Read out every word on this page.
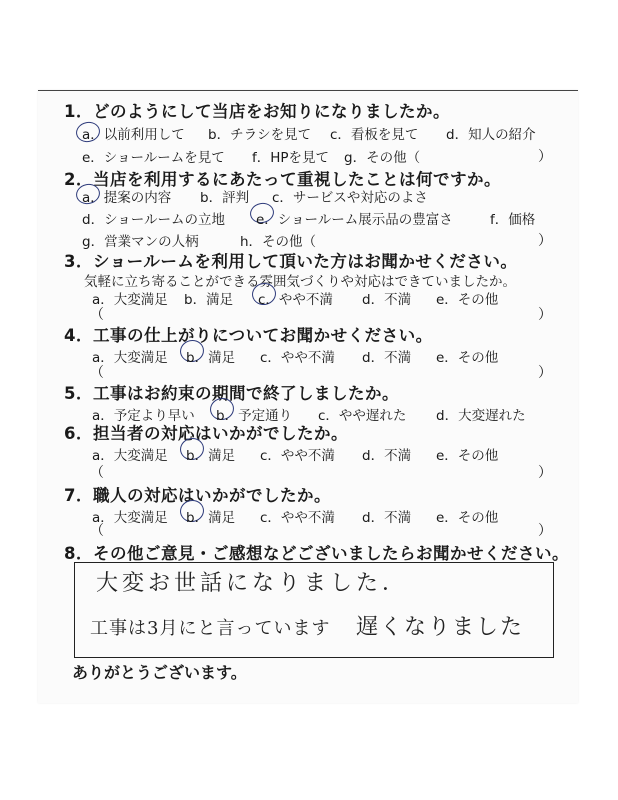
1．どのようにして当店をお知りになりましたか。
a．以前利用して b．チラシを見て c．看板を見て d．知人の紹介
e．ショールームを見て f．HPを見て g．その他（	）
2．当店を利用するにあたって重視したことは何ですか。
a．提案の内容 b．評判 c．サービスや対応のよさ
d．ショールームの立地 e．ショールーム展示品の豊富さ	f．価格
g．営業マンの人柄	h．その他（	）
3．ショールームを利用して頂いた方はお聞かせください。
気軽に立ち寄ることができる雰囲気づくりや対応はできていましたか。
a．大変満足 b．満足 c．やや不満 d．不満 e．その他
（	）
4．工事の仕上がりについてお聞かせください。
a．大変満足 b．満足 c．やや不満 d．不満 e．その他
（	）
5．工事はお約束の期間で終了しましたか。
a．予定より早い b．予定通り c．やや遅れた d．大変遅れた
6．担当者の対応はいかがでしたか。
a．大変満足 b．満足 c．やや不満 d．不満 e．その他
（	）
7．職人の対応はいかがでしたか。
a．大変満足 b．満足 c．やや不満 d．不満 e．その他
（	）
8．その他ご意見・ご感想などございましたらお聞かせください。
大変お世話になりました．
工事は3月にと言っています 遅くなりました
ありがとうございます。
